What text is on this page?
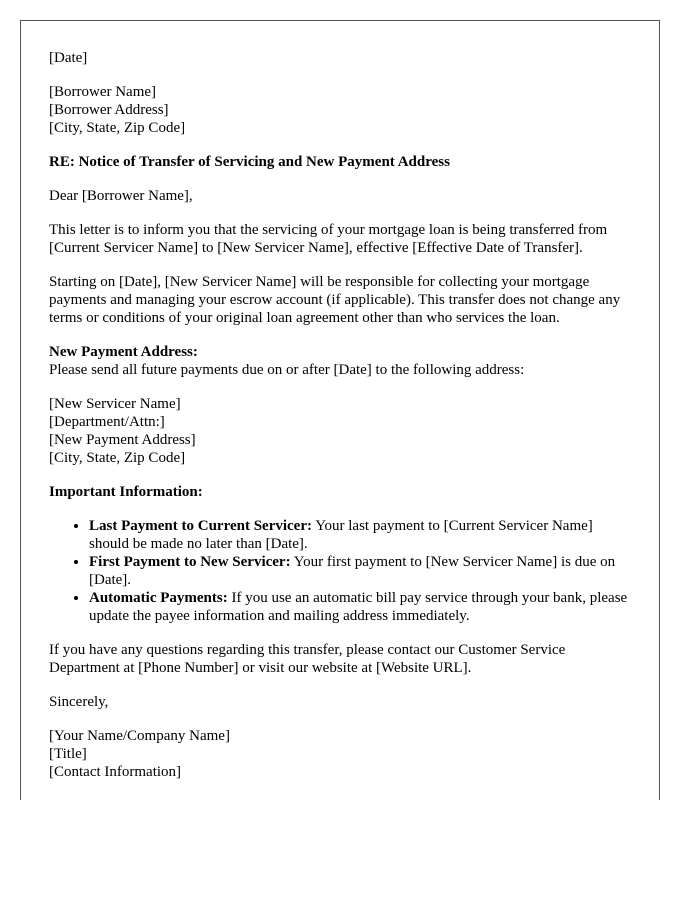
[Date]

[Borrower Name]
[Borrower Address]
[City, State, Zip Code]

RE: Notice of Transfer of Servicing and New Payment Address

Dear [Borrower Name],

This letter is to inform you that the servicing of your mortgage loan is being transferred from [Current Servicer Name] to [New Servicer Name], effective [Effective Date of Transfer].

Starting on [Date], [New Servicer Name] will be responsible for collecting your mortgage payments and managing your escrow account (if applicable). This transfer does not change any terms or conditions of your original loan agreement other than who services the loan.

New Payment Address:
Please send all future payments due on or after [Date] to the following address:
[New Servicer Name]
[Department/Attn:]
[New Payment Address]
[City, State, Zip Code]

Important Information:

• Last Payment to Current Servicer: Your last payment to [Current Servicer Name] should be made no later than [Date].
• First Payment to New Servicer: Your first payment to [New Servicer Name] is due on [Date].
• Automatic Payments: If you use an automatic bill pay service through your bank, please update the payee information and mailing address immediately.

If you have any questions regarding this transfer, please contact our Customer Service Department at [Phone Number] or visit our website at [Website URL].

Sincerely,

[Your Name/Company Name]
[Title]
[Contact Information]
